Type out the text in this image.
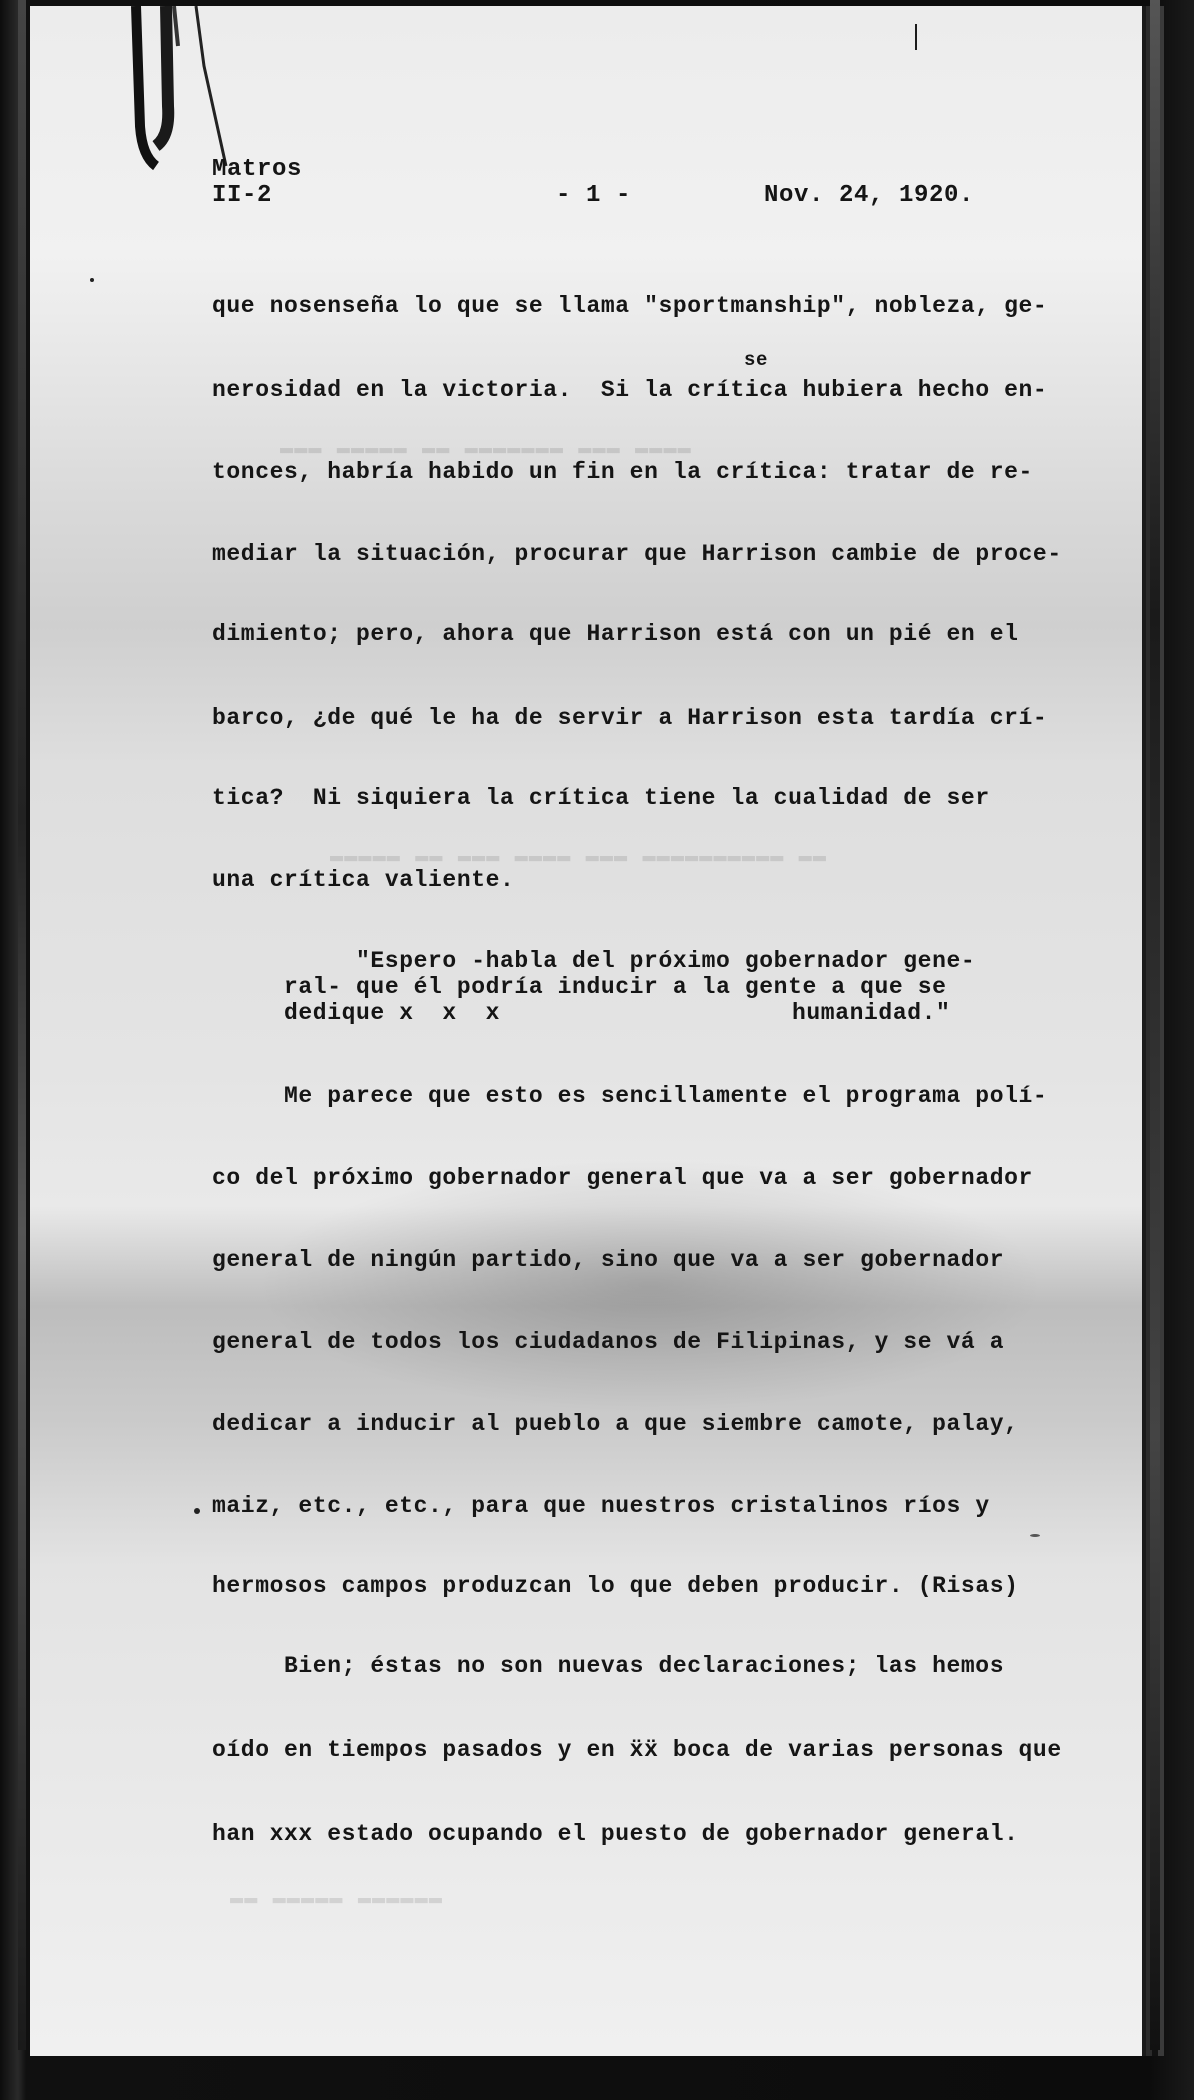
▬▬▬ ▬▬▬▬▬ ▬▬ ▬▬▬▬▬▬▬ ▬▬▬ ▬▬▬▬
▬▬▬▬▬ ▬▬ ▬▬▬ ▬▬▬▬ ▬▬▬ ▬▬▬▬▬▬▬▬▬▬ ▬▬
▬▬ ▬▬▬▬▬ ▬▬▬▬▬▬
Matros
II-2	- 1 -	Nov. 24, 1920.
que nosenseña lo que se llama "sportmanship", nobleza, ge-
se
nerosidad en la victoria.  Si la crítica hubiera hecho en-
tonces, habría habido un fin en la crítica: tratar de re-
mediar la situación, procurar que Harrison cambie de proce-
dimiento; pero, ahora que Harrison está con un pié en el
barco, ¿de qué le ha de servir a Harrison esta tardía crí-
tica?  Ni siquiera la crítica tiene la cualidad de ser
una crítica valiente.
"Espero -habla del próximo gobernador gene-
ral- que él podría inducir a la gente a que se
dedique x  x  x	humanidad."
Me parece que esto es sencillamente el programa polí-
co del próximo gobernador general que va a ser gobernador
general de ningún partido, sino que va a ser gobernador
general de todos los ciudadanos de Filipinas, y se vá a
dedicar a inducir al pueblo a que siembre camote, palay,
maiz, etc., etc., para que nuestros cristalinos ríos y
hermosos campos produzcan lo que deben producir. (Risas)
Bien; éstas no son nuevas declaraciones; las hemos
oído en tiempos pasados y en ẍẍ boca de varias personas que
han xxx estado ocupando el puesto de gobernador general.
